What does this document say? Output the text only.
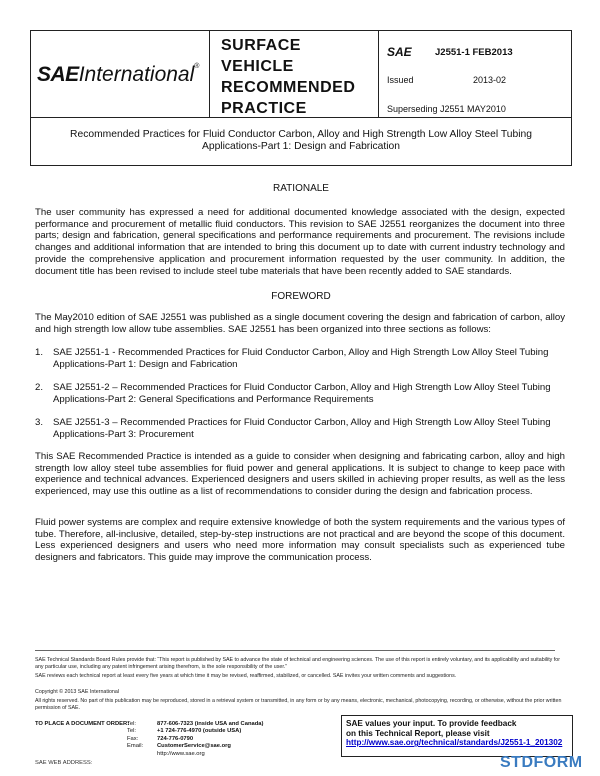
SAEInternational®
SURFACE
VEHICLE
RECOMMENDED
PRACTICE
SAE J2551-1 FEB2013
Issued	2013-02
Superseding J2551 MAY2010
Recommended Practices for Fluid Conductor Carbon, Alloy and High Strength Low Alloy Steel Tubing
Applications-Part 1: Design and Fabrication
RATIONALE

The user community has expressed a need for additional documented knowledge associated with the design, expected performance and procurement of metallic fluid conductors. This revision to SAE J2551 reorganizes the document into three parts; design and fabrication, general specifications and performance requirements and procurement. The revisions include changes and additional information that are intended to bring this document up to date with current industry technology and provide the comprehensive application and procurement information requested by the user community. In addition, the document title has been revised to include steel tube materials that have been recently added to SAE standards.

FOREWORD

The May2010 edition of SAE J2551 was published as a single document covering the design and fabrication of carbon, alloy and high strength low allow tube assemblies. SAE J2551 has been organized into three sections as follows:

1. SAE J2551-1 - Recommended Practices for Fluid Conductor Carbon, Alloy and High Strength Low Alloy Steel Tubing
Applications-Part 1: Design and Fabrication
2. SAE J2551-2 – Recommended Practices for Fluid Conductor Carbon, Alloy and High Strength Low Alloy Steel Tubing
Applications-Part 2: General Specifications and Performance Requirements
3. SAE J2551-3 – Recommended Practices for Fluid Conductor Carbon, Alloy and High Strength Low Alloy Steel Tubing
Applications-Part 3: Procurement

This SAE Recommended Practice is intended as a guide to consider when designing and fabricating carbon, alloy and high strength low alloy steel tube assemblies for fluid power and general applications. It is subject to change to keep pace with experience and technical advances. Experienced designers and users skilled in achieving proper results, as well as the less experienced, may use this outline as a list of recommendations to consider during the design and fabrication process.

Fluid power systems are complex and require extensive knowledge of both the system requirements and the various types of tube. Therefore, all-inclusive, detailed, step-by-step instructions are not practical and are beyond the scope of this document. Less experienced designers and users who need more information may consult specialists such as experienced tube designers and fabricators. This guide may improve the communication process.

SAE Technical Standards Board Rules provide that: “This report is published by SAE to advance the state of technical and engineering sciences. The use of this report is entirely voluntary, and its applicability and suitability for any particular use, including any patent infringement arising therefrom, is the sole responsibility of the user.”

SAE reviews each technical report at least every five years at which time it may be revised, reaffirmed, stabilized, or cancelled. SAE invites your written comments and suggestions.

Copyright © 2013 SAE International

All rights reserved. No part of this publication may be reproduced, stored in a retrieval system or transmitted, in any form or by any means, electronic, mechanical, photocopying, recording, or otherwise, without the prior written permission of SAE.

TO PLACE A DOCUMENT ORDER:
Tel:	877-606-7323 (inside USA and Canada)
Tel:	+1 724-776-4970 (outside USA)
Fax:	724-776-0790
Email: CustomerService@sae.org
http://www.sae.org
SAE WEB ADDRESS:
SAE values your input. To provide feedback
on this Technical Report, please visit
http://www.sae.org/technical/standards/J2551-1_201302
STDFORM
